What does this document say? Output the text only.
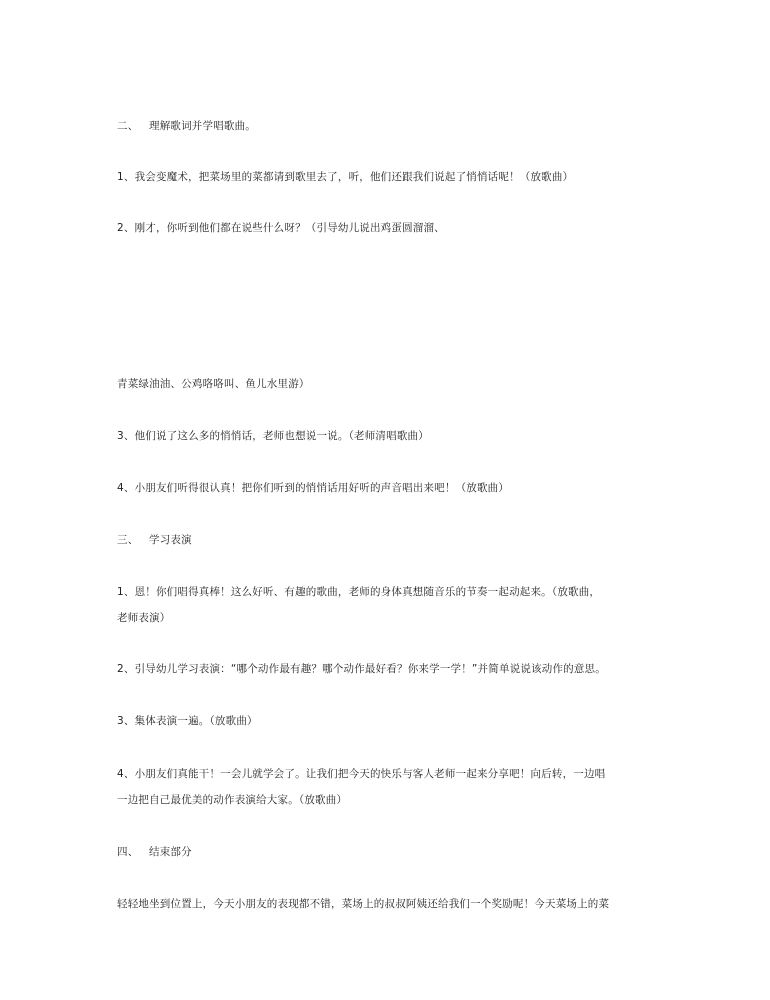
二、 理解歌词并学唱歌曲。
1、我会变魔术，把菜场里的菜都请到歌里去了，听，他们还跟我们说起了悄悄话呢！（放歌曲）
2、刚才，你听到他们都在说些什么呀？（引导幼儿说出鸡蛋圆溜溜、
青菜绿油油、公鸡咯咯叫、鱼儿水里游）
3、他们说了这么多的悄悄话，老师也想说一说。（老师清唱歌曲）
4、小朋友们听得很认真！把你们听到的悄悄话用好听的声音唱出来吧！（放歌曲）
三、 学习表演
1、恩！你们唱得真棒！这么好听、有趣的歌曲，老师的身体真想随音乐的节奏一起动起来。（放歌曲，
老师表演）
2、引导幼儿学习表演：“哪个动作最有趣？哪个动作最好看？你来学一学！”并简单说说该动作的意思。
3、集体表演一遍。（放歌曲）
4、小朋友们真能干！一会儿就学会了。让我们把今天的快乐与客人老师一起来分享吧！向后转，一边唱
一边把自己最优美的动作表演给大家。（放歌曲）
四、 结束部分
轻轻地坐到位置上，今天小朋友的表现都不错，菜场上的叔叔阿姨还给我们一个奖励呢！今天菜场上的菜
